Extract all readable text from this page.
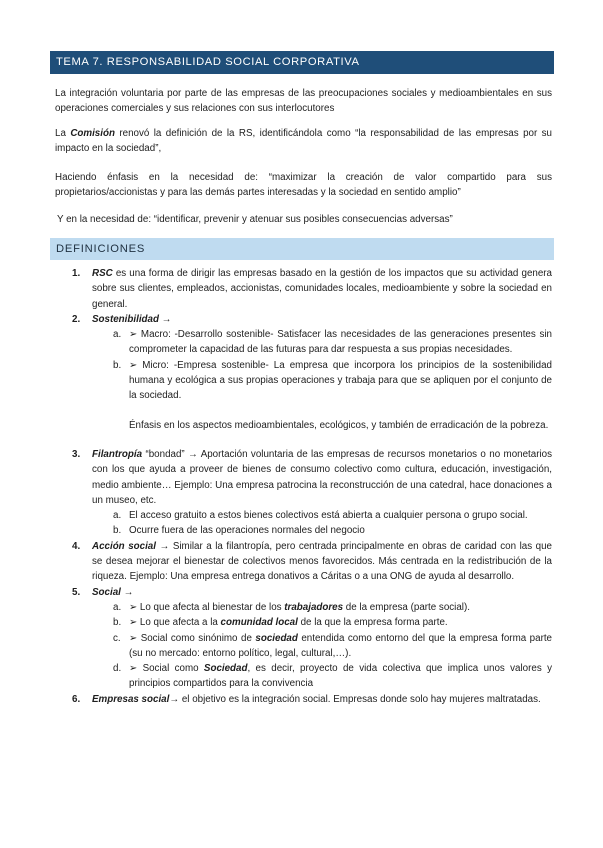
TEMA 7. RESPONSABILIDAD SOCIAL CORPORATIVA

La integración voluntaria por parte de las empresas de las preocupaciones sociales y medioambientales en sus operaciones comerciales y sus relaciones con sus interlocutores

La Comisión renovó la definición de la RS, identificándola como “la responsabilidad de las empresas por su impacto en la sociedad”,

Haciendo énfasis en la necesidad de: “maximizar la creación de valor compartido para sus propietarios/accionistas y para las demás partes interesadas y la sociedad en sentido amplio”

Y en la necesidad de: “identificar, prevenir y atenuar sus posibles consecuencias adversas”

DEFINICIONES
1. RSC es una forma de dirigir las empresas basado en la gestión de los impactos que su actividad genera sobre sus clientes, empleados, accionistas, comunidades locales, medioambiente y sobre la sociedad en general.
2. Sostenibilidad →
a. ➢ Macro: -Desarrollo sostenible- Satisfacer las necesidades de las generaciones presentes sin comprometer la capacidad de las futuras para dar respuesta a sus propias necesidades.
b. ➢ Micro: -Empresa sostenible- La empresa que incorpora los principios de la sostenibilidad humana y ecológica a sus propias operaciones y trabaja para que se apliquen por el conjunto de la sociedad.
Énfasis en los aspectos medioambientales, ecológicos, y también de erradicación de la pobreza.
3. Filantropía “bondad” → Aportación voluntaria de las empresas de recursos monetarios o no monetarios con los que ayuda a proveer de bienes de consumo colectivo como cultura, educación, investigación, medio ambiente… Ejemplo: Una empresa patrocina la reconstrucción de una catedral, hace donaciones a un museo, etc.
a. El acceso gratuito a estos bienes colectivos está abierta a cualquier persona o grupo social.
b. Ocurre fuera de las operaciones normales del negocio
4. Acción social → Similar a la filantropía, pero centrada principalmente en obras de caridad con las que se desea mejorar el bienestar de colectivos menos favorecidos. Más centrada en la redistribución de la riqueza. Ejemplo: Una empresa entrega donativos a Cáritas o a una ONG de ayuda al desarrollo.
5. Social →
a. ➢ Lo que afecta al bienestar de los trabajadores de la empresa (parte social).
b. ➢ Lo que afecta a la comunidad local de la que la empresa forma parte.
c. ➢ Social como sinónimo de sociedad entendida como entorno del que la empresa forma parte (su no mercado: entorno político, legal, cultural,…).
d. ➢ Social como Sociedad, es decir, proyecto de vida colectiva que implica unos valores y principios compartidos para la convivencia
6. Empresas social→ el objetivo es la integración social. Empresas donde solo hay mujeres maltratadas.
